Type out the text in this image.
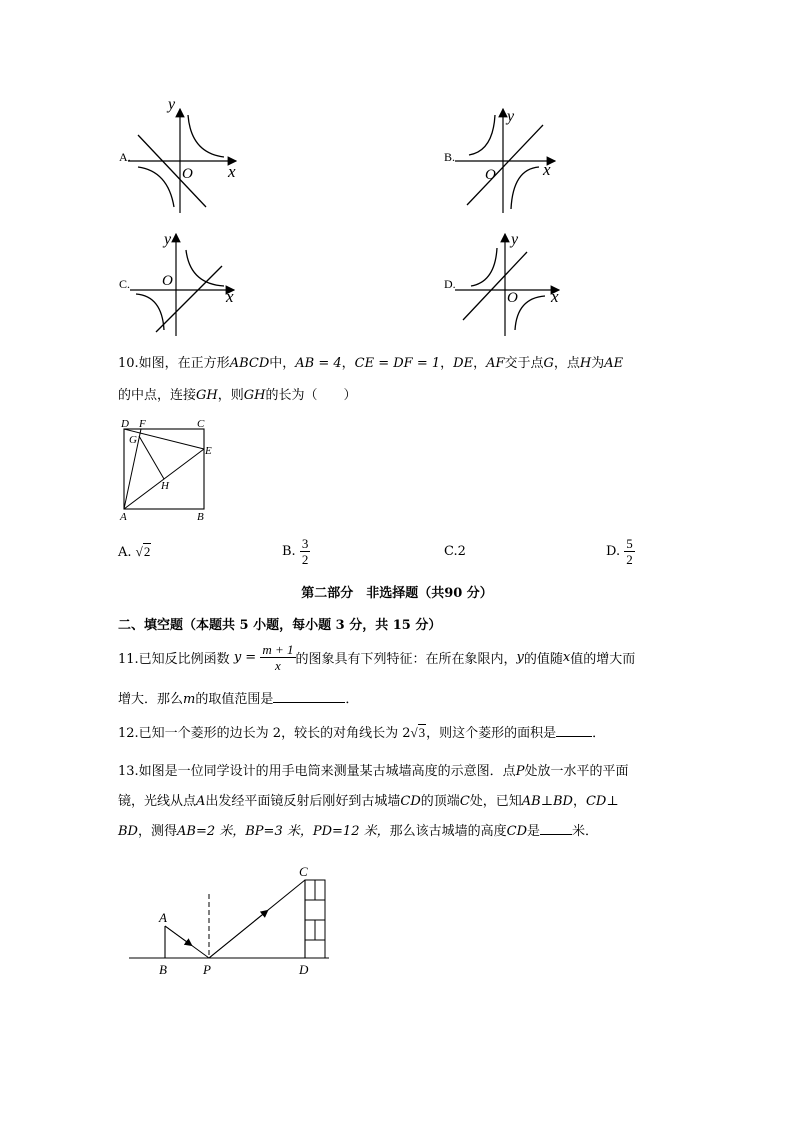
A.
y
O x
B.
y
O	x
C.
y
O
x
D.
y
O x
10.如图，在正方形ABCD中，AB = 4，CE = DF = 1，DE，AF交于点G，点H为AE
的中点，连接GH，则GH的长为（　　）
D F	C
G
E
H
A	B
A. √2	B. $\frac{3}{2}$	C.2	D. $\frac{5}{2}$
第二部分　非选择题（共90 分）
二、填空题（本题共 5 小题，每小题 3 分，共 15 分）
11.已知反比例函数 $y = \frac{m + 1}{x}$ 的图象具有下列特征：在所在象限内，y的值随x值的增大而
增大．那么m的取值范围是	．
12.已知一个菱形的边长为 2，较长的对角线长为 2√3，则这个菱形的面积是	．
13.如图是一位同学设计的用手电筒来测量某古城墙高度的示意图．点P处放一水平的平面
镜，光线从点A出发经平面镜反射后刚好到古城墙CD的顶端C处，已知AB⊥BD，CD⊥
BD，测得AB=2 米，BP=3 米，PD=12 米，那么该古城墙的高度CD是 米．
A
B	P
C
D
